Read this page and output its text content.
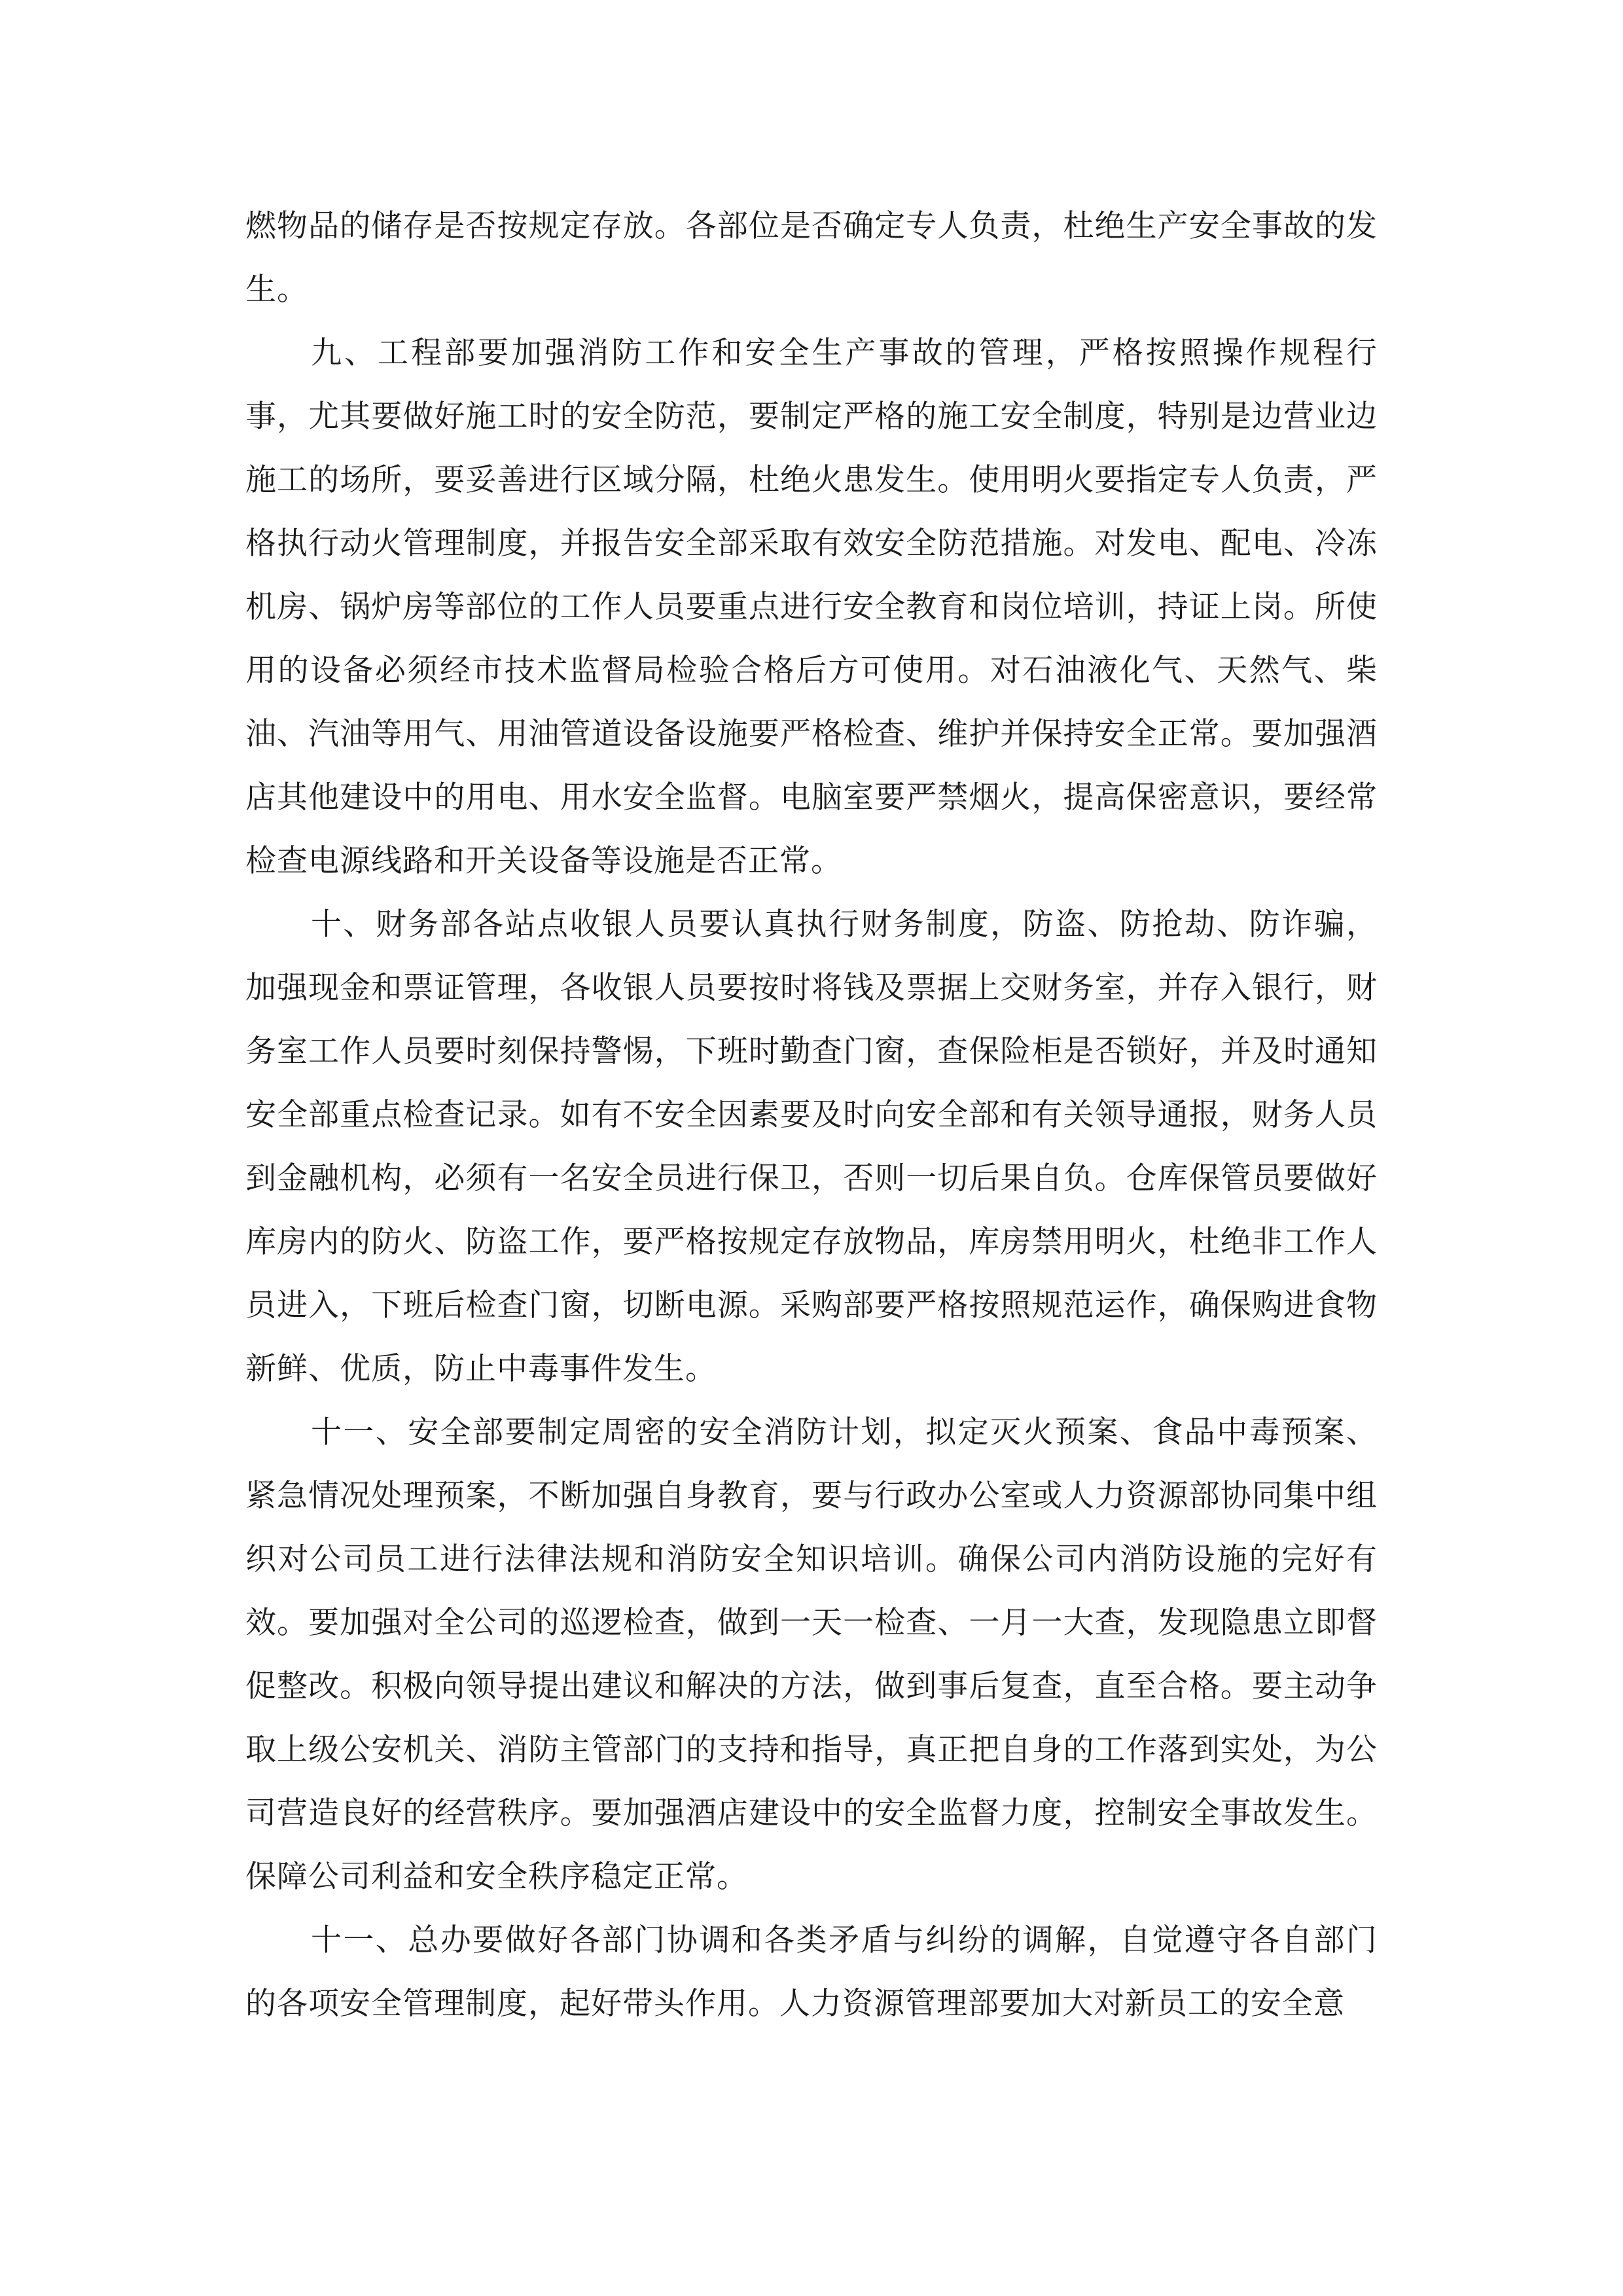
燃物品的储存是否按规定存放。各部位是否确定专人负责，杜绝生产安全事故的发生。

九、工程部要加强消防工作和安全生产事故的管理，严格按照操作规程行事，尤其要做好施工时的安全防范，要制定严格的施工安全制度，特别是边营业边施工的场所，要妥善进行区域分隔，杜绝火患发生。使用明火要指定专人负责，严格执行动火管理制度，并报告安全部采取有效安全防范措施。对发电、配电、冷冻机房、锅炉房等部位的工作人员要重点进行安全教育和岗位培训，持证上岗。所使用的设备必须经市技术监督局检验合格后方可使用。对石油液化气、天然气、柴油、汽油等用气、用油管道设备设施要严格检查、维护并保持安全正常。要加强酒店其他建设中的用电、用水安全监督。电脑室要严禁烟火，提高保密意识，要经常检查电源线路和开关设备等设施是否正常。

十、财务部各站点收银人员要认真执行财务制度，防盗、防抢劫、防诈骗，加强现金和票证管理，各收银人员要按时将钱及票据上交财务室，并存入银行，财务室工作人员要时刻保持警惕，下班时勤查门窗，查保险柜是否锁好，并及时通知安全部重点检查记录。如有不安全因素要及时向安全部和有关领导通报，财务人员到金融机构，必须有一名安全员进行保卫，否则一切后果自负。仓库保管员要做好库房内的防火、防盗工作，要严格按规定存放物品，库房禁用明火，杜绝非工作人员进入，下班后检查门窗，切断电源。采购部要严格按照规范运作，确保购进食物新鲜、优质，防止中毒事件发生。

十一、安全部要制定周密的安全消防计划，拟定灭火预案、食品中毒预案、紧急情况处理预案，不断加强自身教育，要与行政办公室或人力资源部协同集中组织对公司员工进行法律法规和消防安全知识培训。确保公司内消防设施的完好有效。要加强对全公司的巡逻检查，做到一天一检查、一月一大查，发现隐患立即督促整改。积极向领导提出建议和解决的方法，做到事后复查，直至合格。要主动争取上级公安机关、消防主管部门的支持和指导，真正把自身的工作落到实处，为公司营造良好的经营秩序。要加强酒店建设中的安全监督力度，控制安全事故发生。保障公司利益和安全秩序稳定正常。

十一、总办要做好各部门协调和各类矛盾与纠纷的调解，自觉遵守各自部门的各项安全管理制度，起好带头作用。人力资源管理部要加大对新员工的安全意
